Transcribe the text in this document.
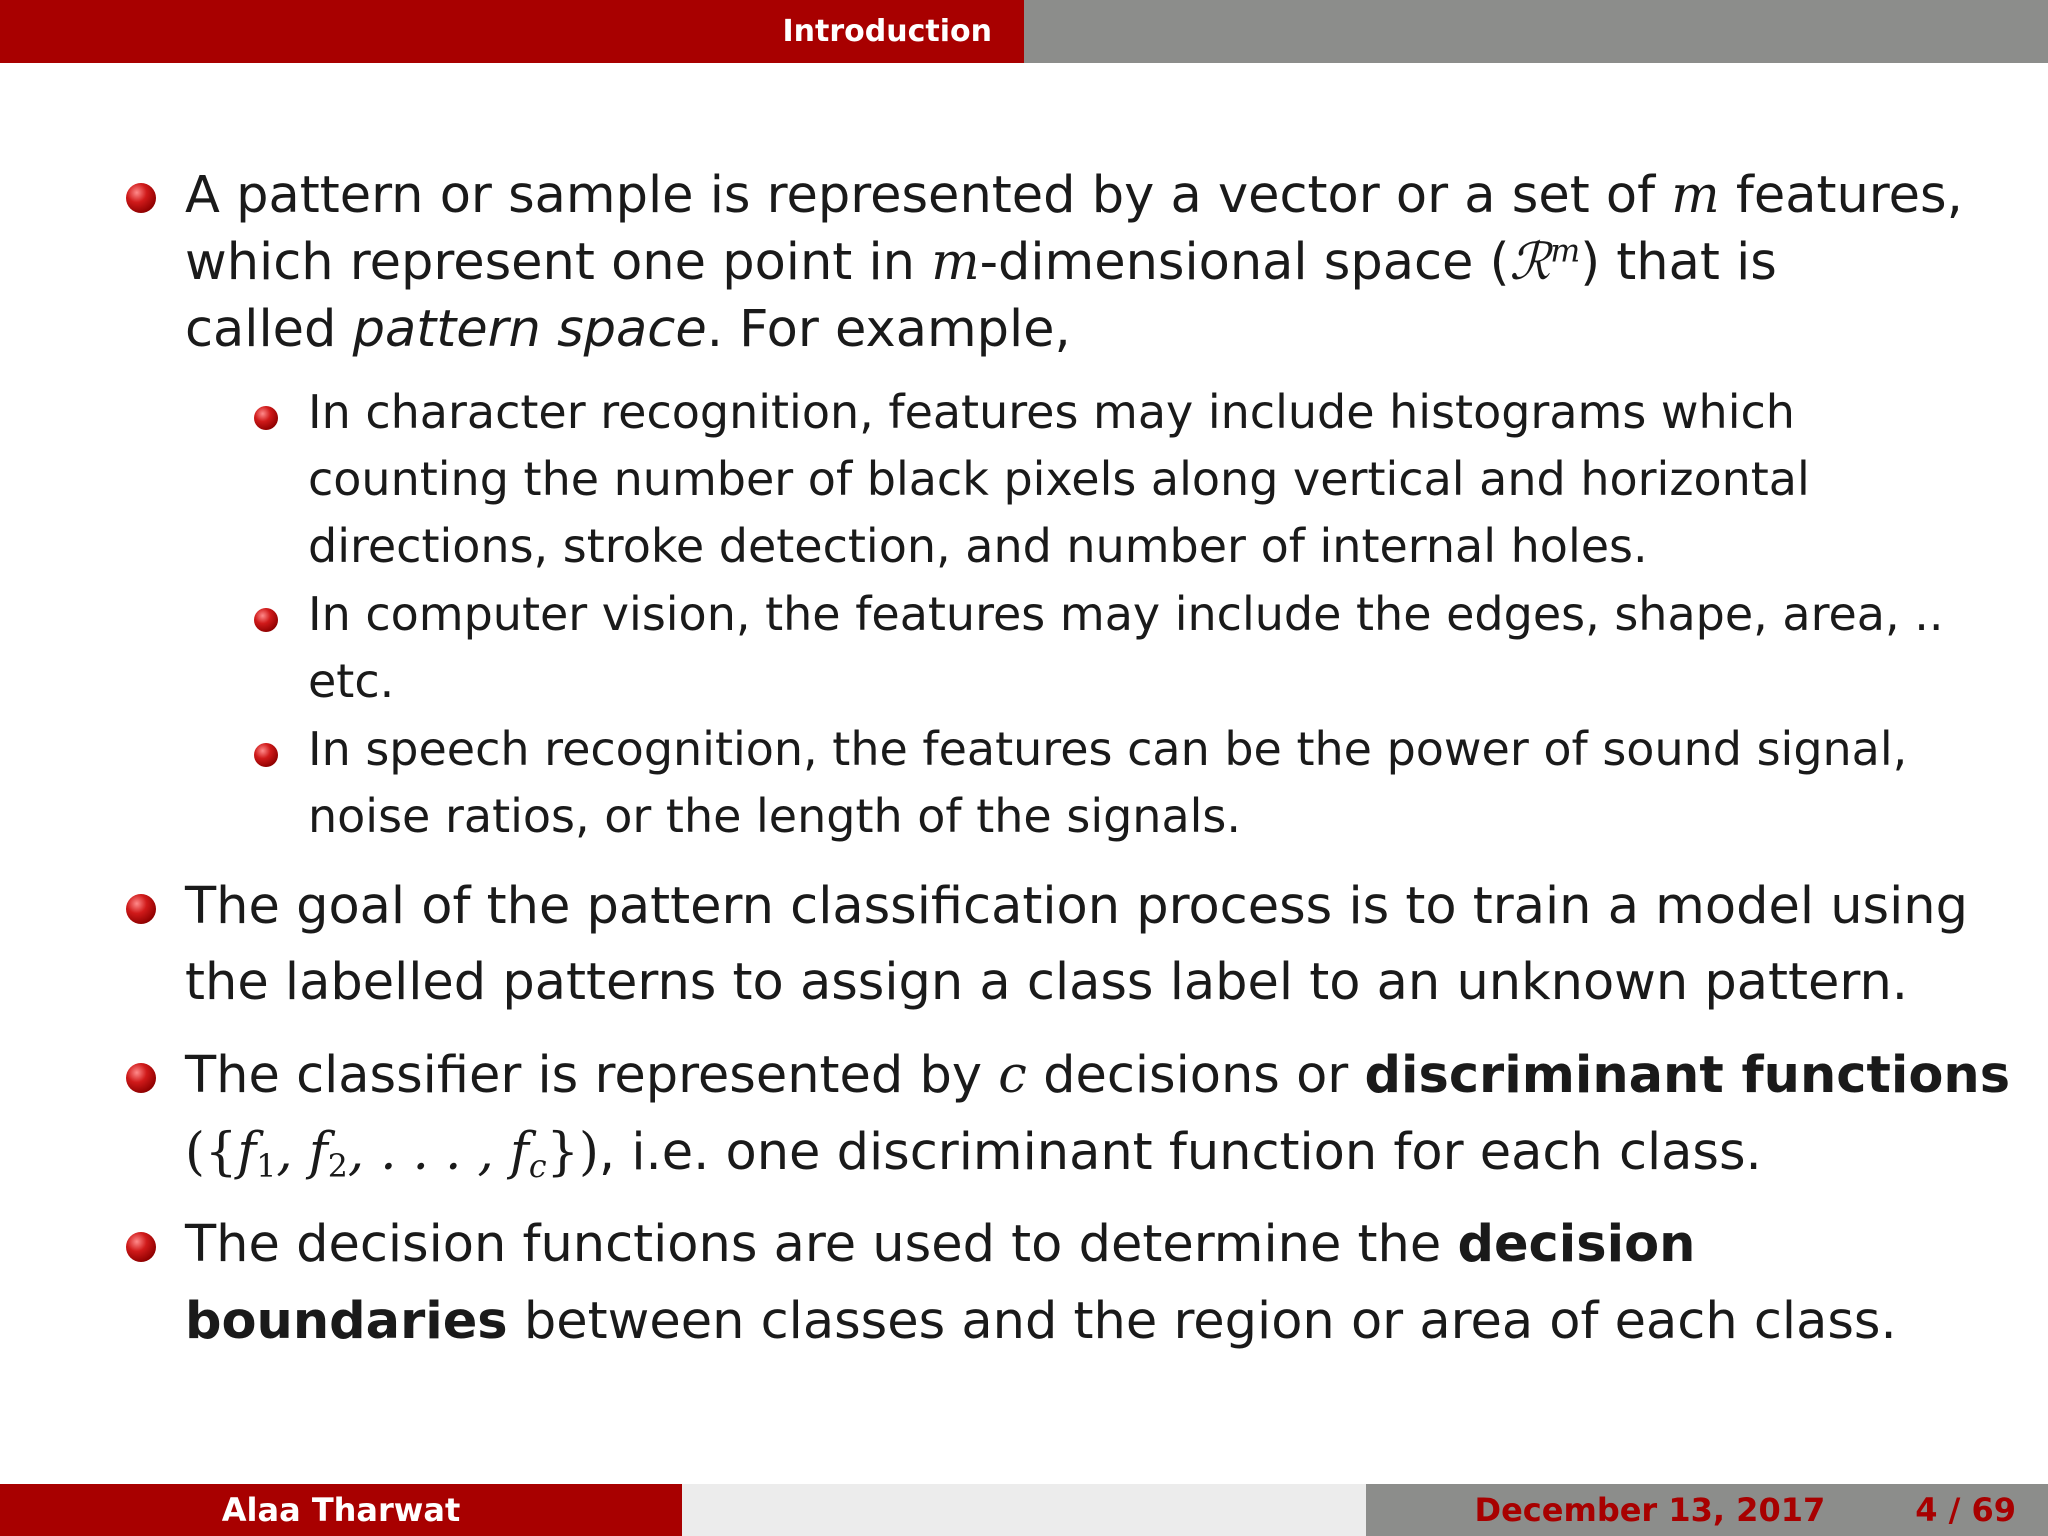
Introduction
A pattern or sample is represented by a vector or a set of m features,
which represent one point in m-dimensional space (ℛ$^m$) that is
called pattern space. For example,
In character recognition, features may include histograms which
counting the number of black pixels along vertical and horizontal
directions, stroke detection, and number of internal holes.
In computer vision, the features may include the edges, shape, area, ..
etc.
In speech recognition, the features can be the power of sound signal,
noise ratios, or the length of the signals.
The goal of the pattern classification process is to train a model using
the labelled patterns to assign a class label to an unknown pattern.
The classifier is represented by c decisions or discriminant functions
({$f_1$, $f_2$, . . . , $f_c$}), i.e. one discriminant function for each class.
The decision functions are used to determine the decision
boundaries between classes and the region or area of each class.
Alaa Tharwat	December 13, 2017	4 / 69
